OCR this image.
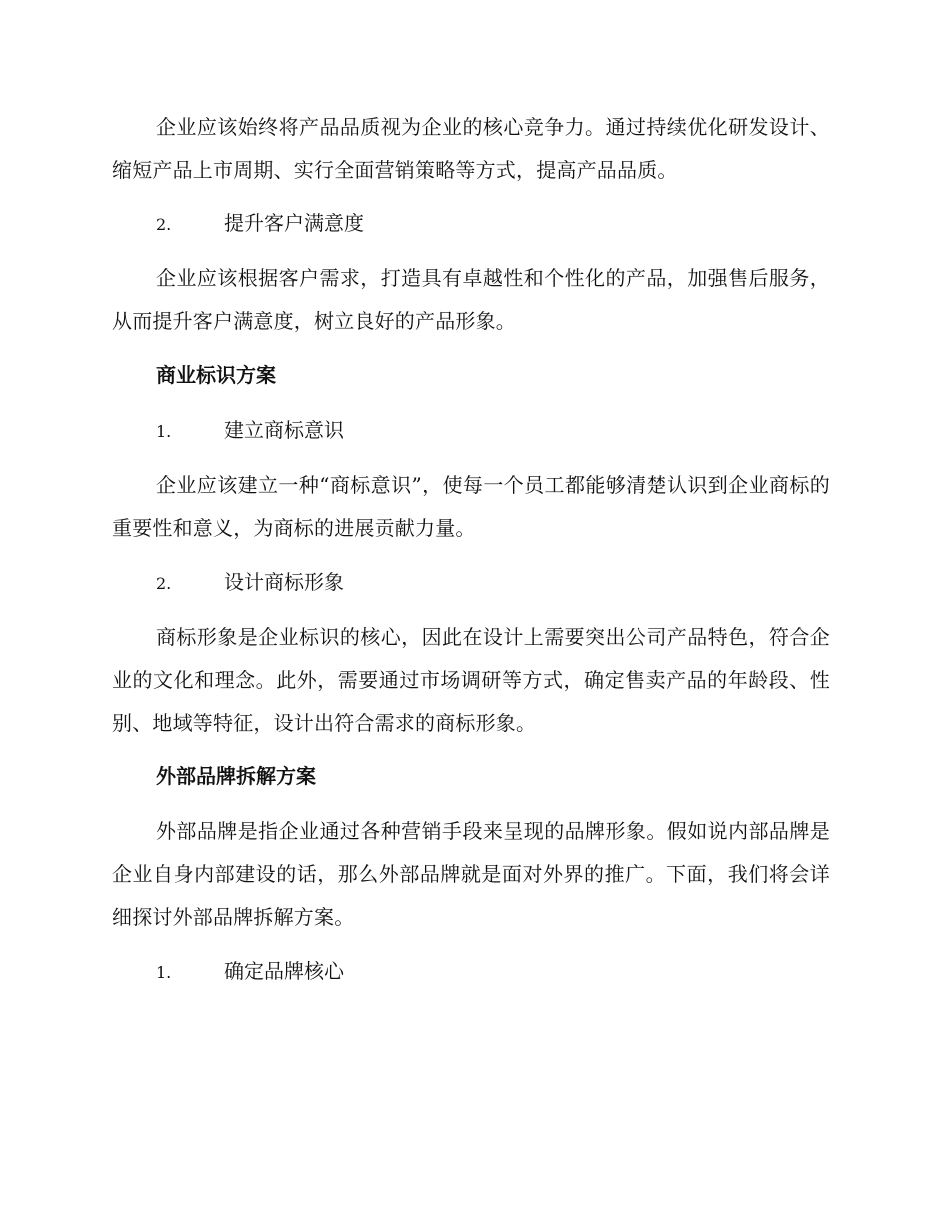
企业应该始终将产品品质视为企业的核心竞争力。通过持续优化研发设计、缩短产品上市周期、实行全面营销策略等方式，提高产品品质。

2.	提升客户满意度

企业应该根据客户需求，打造具有卓越性和个性化的产品，加强售后服务，从而提升客户满意度，树立良好的产品形象。

商业标识方案
1.	建立商标意识

企业应该建立一种“商标意识”，使每一个员工都能够清楚认识到企业商标的重要性和意义，为商标的进展贡献力量。

2.	设计商标形象

商标形象是企业标识的核心，因此在设计上需要突出公司产品特色，符合企业的文化和理念。此外，需要通过市场调研等方式，确定售卖产品的年龄段、性别、地域等特征，设计出符合需求的商标形象。

外部品牌拆解方案

外部品牌是指企业通过各种营销手段来呈现的品牌形象。假如说内部品牌是企业自身内部建设的话，那么外部品牌就是面对外界的推广。下面，我们将会详细探讨外部品牌拆解方案。

1.	确定品牌核心
